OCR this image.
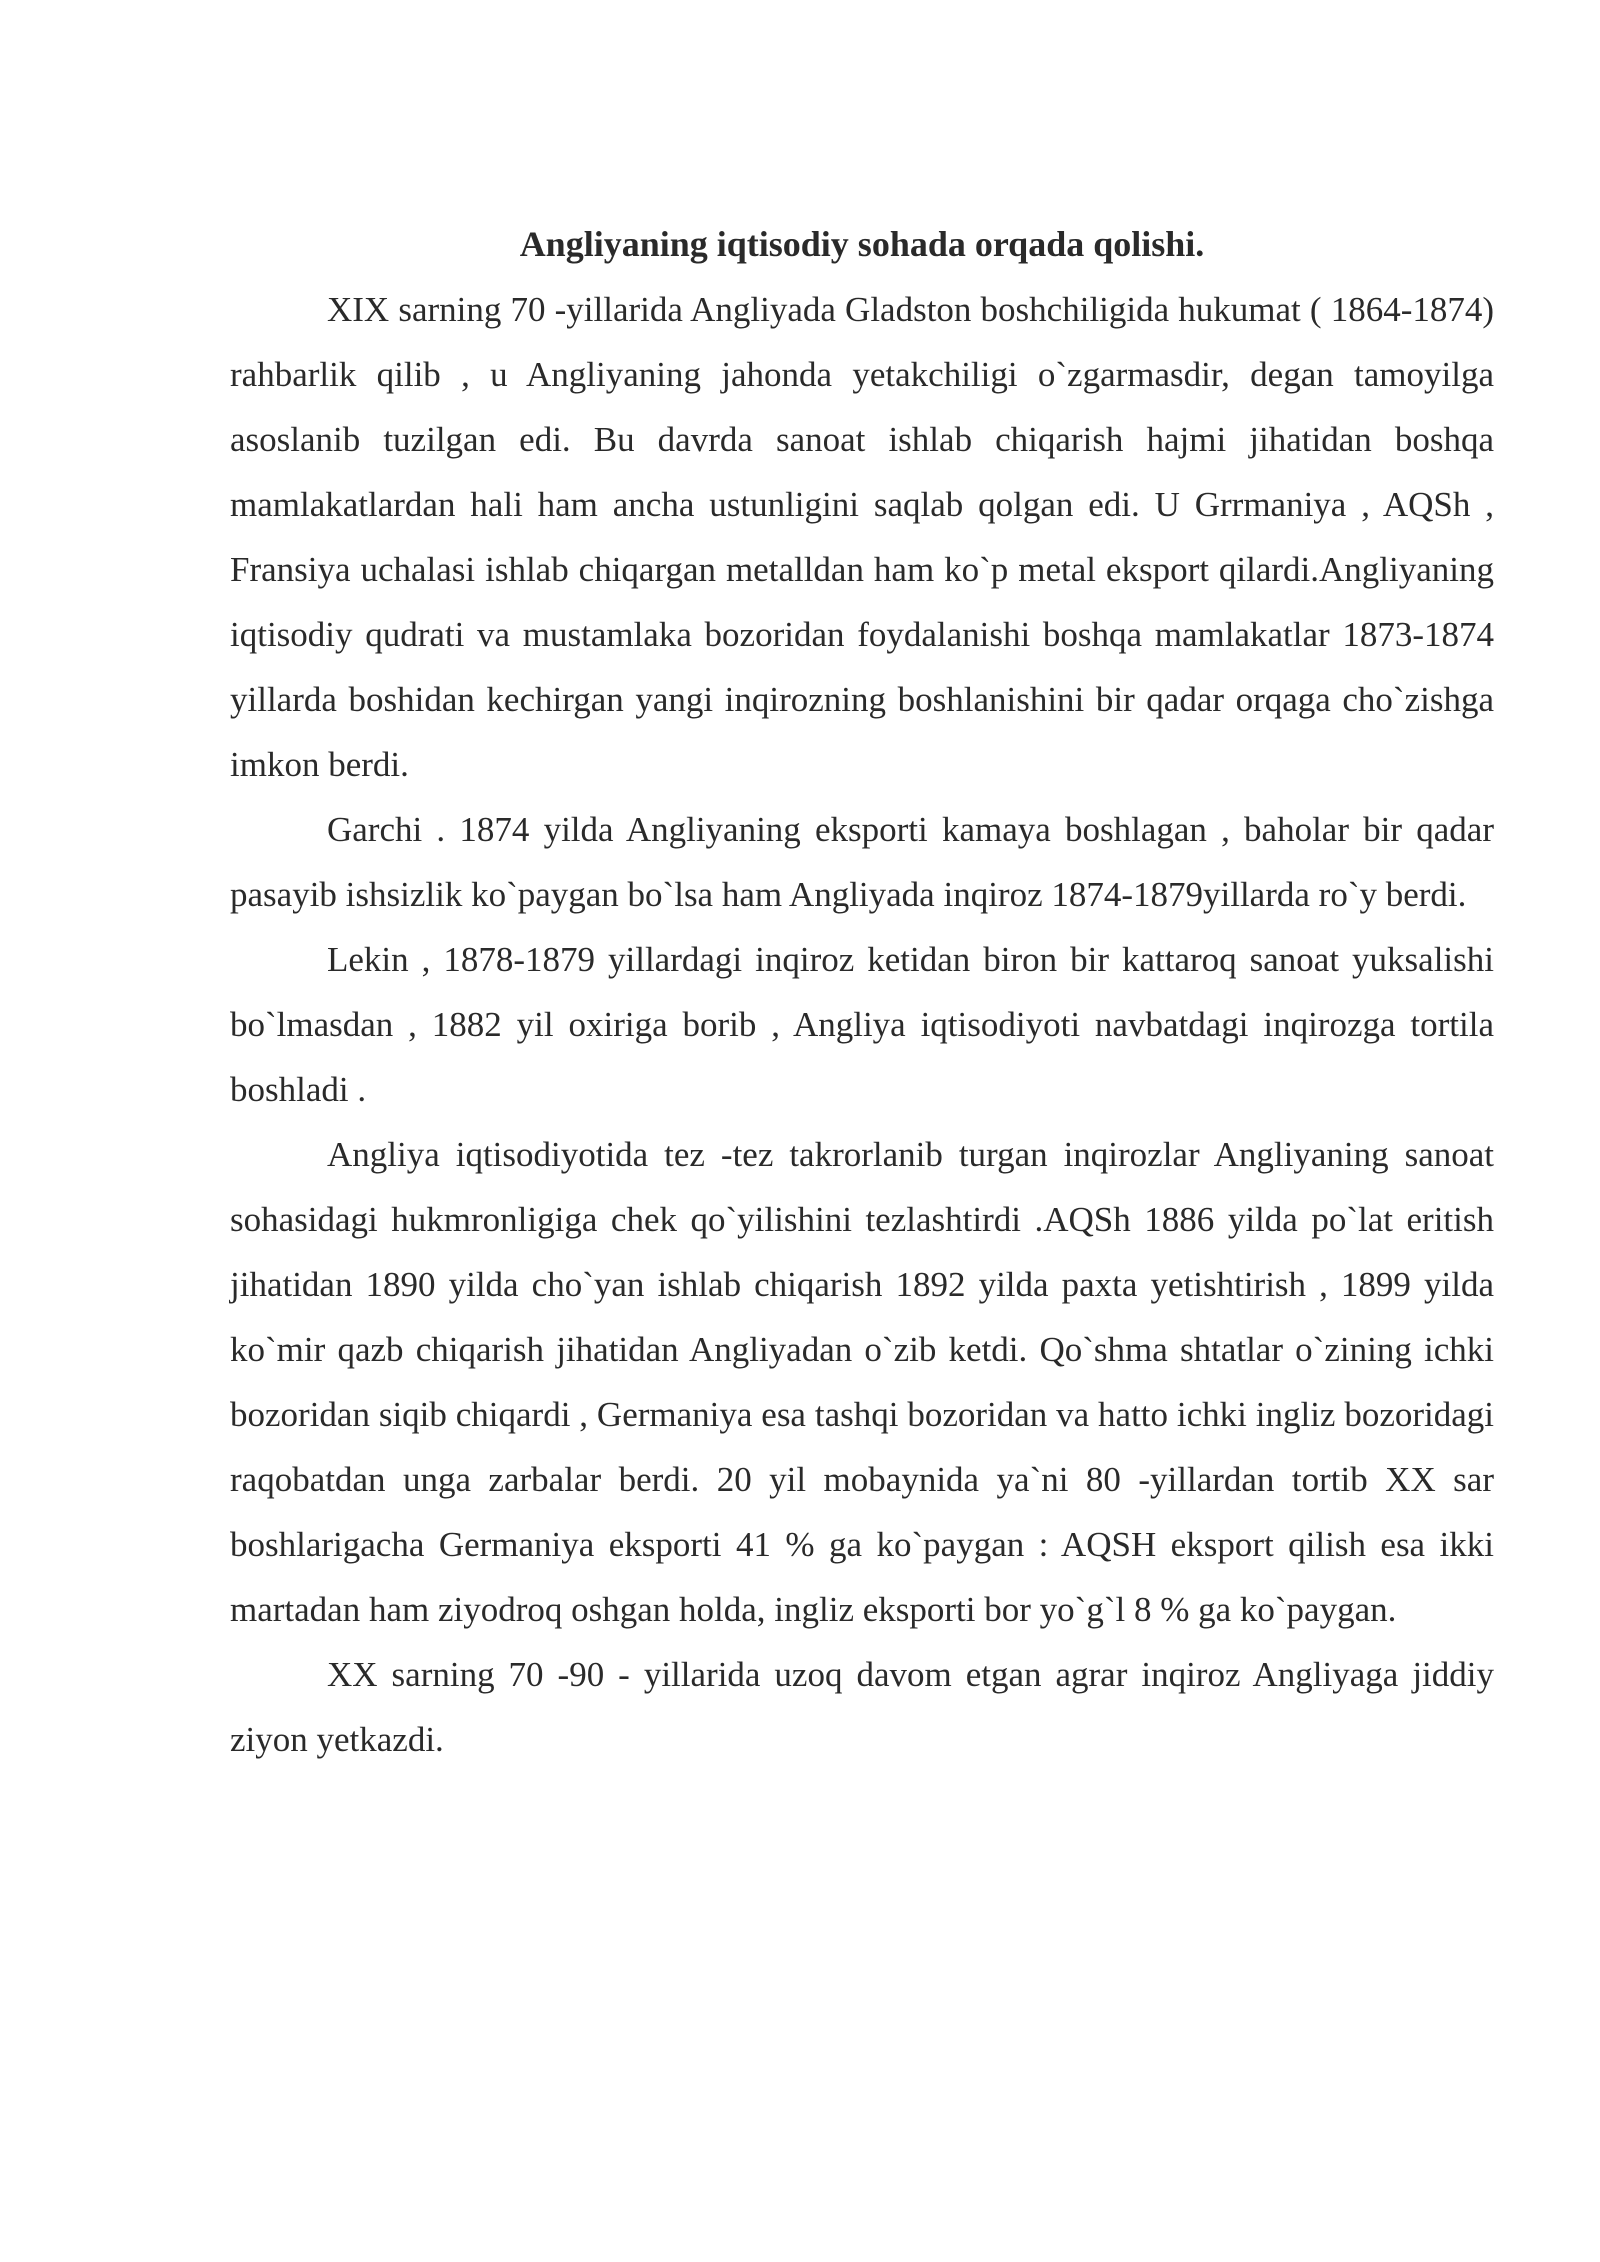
Angliyaning iqtisodiy sohada orqada qolishi.

XIX sarning 70 -yillarida Angliyada Gladston boshchiligida hukumat ( 1864-1874) rahbarlik qilib , u Angliyaning jahonda yetakchiligi o`zgarmasdir, degan tamoyilga asoslanib tuzilgan edi. Bu davrda sanoat ishlab chiqarish hajmi jihatidan boshqa mamlakatlardan hali ham ancha ustunligini saqlab qolgan edi. U Grrmaniya , AQSh , Fransiya uchalasi ishlab chiqargan metalldan ham ko`p metal eksport qilardi.Angliyaning iqtisodiy qudrati va mustamlaka bozoridan foydalanishi boshqa mamlakatlar 1873-1874 yillarda boshidan kechirgan yangi inqirozning boshlanishini bir qadar orqaga cho`zishga imkon berdi.

Garchi . 1874 yilda Angliyaning eksporti kamaya boshlagan , baholar bir qadar pasayib ishsizlik ko`paygan bo`lsa ham Angliyada inqiroz 1874-1879yillarda ro`y berdi.

Lekin , 1878-1879 yillardagi inqiroz ketidan biron bir kattaroq sanoat yuksalishi bo`lmasdan , 1882 yil oxiriga borib , Angliya iqtisodiyoti navbatdagi inqirozga tortila boshladi .

Angliya iqtisodiyotida tez -tez takrorlanib turgan inqirozlar Angliyaning sanoat sohasidagi hukmronligiga chek qo`yilishini tezlashtirdi .AQSh 1886 yilda po`lat eritish jihatidan 1890 yilda cho`yan ishlab chiqarish 1892 yilda paxta yetishtirish , 1899 yilda ko`mir qazb chiqarish jihatidan Angliyadan o`zib ketdi. Qo`shma shtatlar o`zining ichki bozoridan siqib chiqardi , Germaniya esa tashqi bozoridan va hatto ichki ingliz bozoridagi raqobatdan unga zarbalar berdi. 20 yil mobaynida ya`ni 80 -yillardan tortib XX sar boshlarigacha Germaniya eksporti 41 % ga ko`paygan : AQSH eksport qilish esa ikki martadan ham ziyodroq oshgan holda, ingliz eksporti bor yo`g`l 8 % ga ko`paygan.

XX sarning 70 -90 - yillarida uzoq davom etgan agrar inqiroz Angliyaga jiddiy ziyon yetkazdi.
